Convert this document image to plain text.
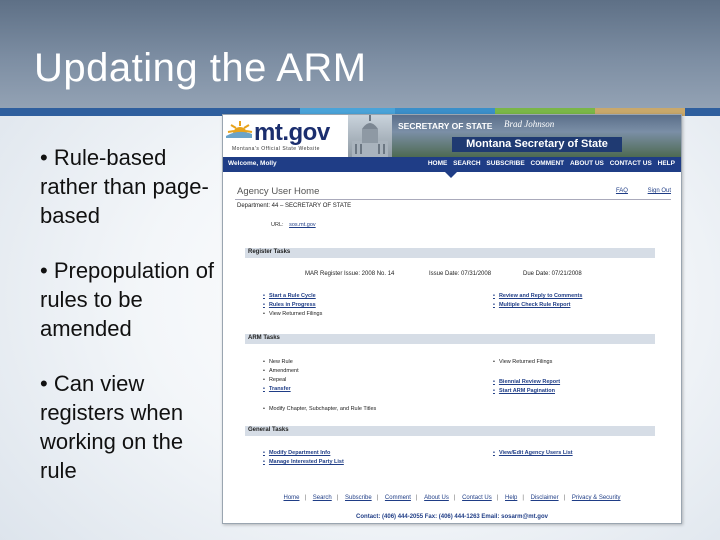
Updating the ARM
• Rule-based rather than page-based
• Prepopulation of rules to be amended
• Can view registers when working on the rule
mt.gov
Montana's Official State Website
SECRETARY OF STATE Brad Johnson
Montana Secretary of State
Welcome, Molly	HOME SEARCH SUBSCRIBE COMMENT ABOUT US CONTACT US HELP
Agency User Home	FAQ	Sign Out
Department: 44 – SECRETARY OF STATE
URL: sos.mt.gov
Register Tasks
MAR Register Issue: 2008 No. 14	Issue Date: 07/31/2008	Due Date: 07/21/2008
• Start a Rule Cycle
• Rules in Progress
• View Returned Filings
• Review and Reply to Comments
• Multiple Check Rule Report
ARM Tasks
• New Rule
• Amendment
• Repeal
• Transfer
• View Returned Filings
• Biennial Review Report
• Start ARM Pagination
• Modify Chapter, Subchapter, and Rule Titles
General Tasks
• Modify Department Info
• Manage Interested Party List
• View/Edit Agency Users List
Home | Search | Subscribe | Comment | About Us | Contact Us | Help | Disclaimer | Privacy & Security
Contact: (406) 444-2055 Fax: (406) 444-1263 Email: sosarm@mt.gov
